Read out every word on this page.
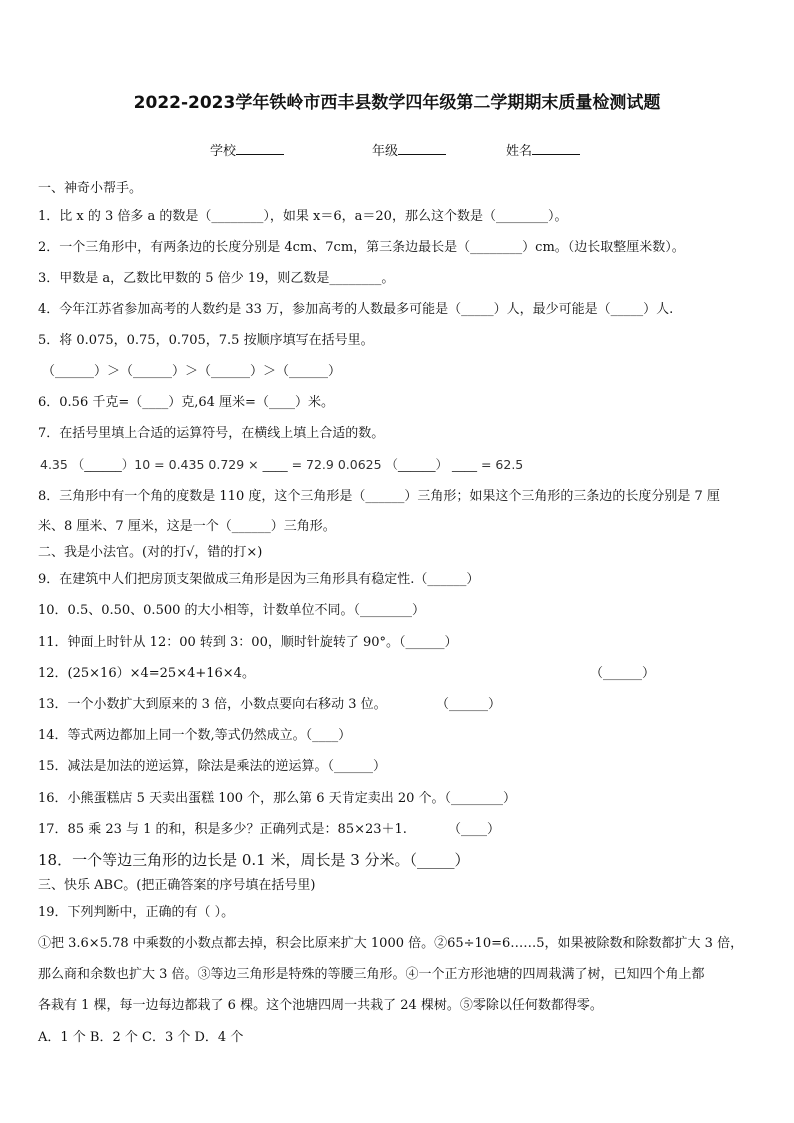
2022-2023学年铁岭市西丰县数学四年级第二学期期末质量检测试题
学校	年级	姓名
一、神奇小帮手。
1．比 x 的 3 倍多 a 的数是（________），如果 x＝6，a＝20，那么这个数是（________）。
2．一个三角形中，有两条边的长度分别是 4cm、7cm，第三条边最长是（________）cm。（边长取整厘米数）。
3．甲数是 a，乙数比甲数的 5 倍少 19，则乙数是________。
4．今年江苏省参加高考的人数约是 33 万，参加高考的人数最多可能是（_____）人，最少可能是（_____）人.
5．将 0.075，0.75，0.705，7.5 按顺序填写在括号里。
（______）＞（______）＞（______）＞（______）
6．0.56 千克=（____）克,64 厘米=（____）米。
7．在括号里填上合适的运算符号，在横线上填上合适的数。
4.35 （______）10 = 0.435 0.729 × ____ = 72.9 0.0625 （______） ____ = 62.5
8．三角形中有一个角的度数是 110 度，这个三角形是（______）三角形；如果这个三角形的三条边的长度分别是 7 厘
米、8 厘米、7 厘米，这是一个（______）三角形。
二、我是小法官。(对的打√，错的打×)
9．在建筑中人们把房顶支架做成三角形是因为三角形具有稳定性.（______）
10．0.5、0.50、0.500 的大小相等，计数单位不同。（________）
11．钟面上时针从 12：00 转到 3：00，顺时针旋转了 90°。（______）
12．(25×16）×4=25×4+16×4。	（______）
13．一个小数扩大到原来的 3 倍，小数点要向右移动 3 位。	（______）
14．等式两边都加上同一个数,等式仍然成立。（____）
15．减法是加法的逆运算，除法是乘法的逆运算。（______）
16．小熊蛋糕店 5 天卖出蛋糕 100 个，那么第 6 天肯定卖出 20 个。（________）
17．85 乘 23 与 1 的和，积是多少？正确列式是：85×23＋1.	（____）
18．一个等边三角形的边长是 0.1 米，周长是 3 分米。（_____）
三、快乐 ABC。(把正确答案的序号填在括号里)
19．下列判断中，正确的有（ ）。
①把 3.6×5.78 中乘数的小数点都去掉，积会比原来扩大 1000 倍。②65÷10=6……5，如果被除数和除数都扩大 3 倍，
那么商和余数也扩大 3 倍。③等边三角形是特殊的等腰三角形。④一个正方形池塘的四周栽满了树，已知四个角上都
各栽有 1 棵，每一边每边都栽了 6 棵。这个池塘四周一共栽了 24 棵树。⑤零除以任何数都得零。
A．1 个 B．2 个 C．3 个 D．4 个
